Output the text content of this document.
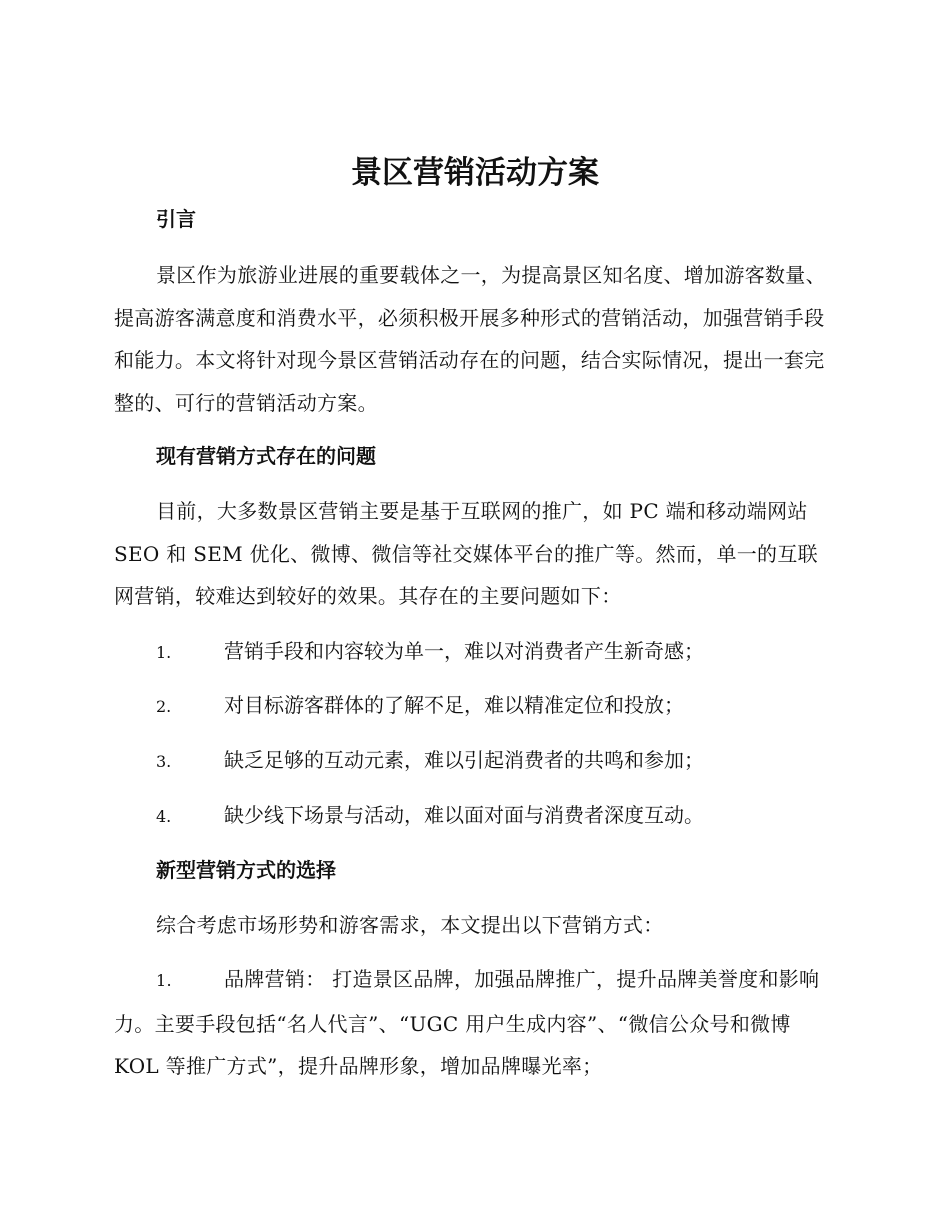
景区营销活动方案
引言

景区作为旅游业进展的重要载体之一，为提高景区知名度、增加游客数量、提高游客满意度和消费水平，必须积极开展多种形式的营销活动，加强营销手段和能力。本文将针对现今景区营销活动存在的问题，结合实际情况，提出一套完整的、可行的营销活动方案。

现有营销方式存在的问题

目前，大多数景区营销主要是基于互联网的推广，如 PC 端和移动端网站 SEO 和 SEM 优化、微博、微信等社交媒体平台的推广等。然而，单一的互联网营销，较难达到较好的效果。其存在的主要问题如下：

1.	营销手段和内容较为单一，难以对消费者产生新奇感；
2.	对目标游客群体的了解不足，难以精准定位和投放；
3.	缺乏足够的互动元素，难以引起消费者的共鸣和参加；
4.	缺少线下场景与活动，难以面对面与消费者深度互动。
新型营销方式的选择

综合考虑市场形势和游客需求，本文提出以下营销方式：

1.	品牌营销： 打造景区品牌，加强品牌推广，提升品牌美誉度和影响力。主要手段包括“名人代言”、“UGC 用户生成内容”、“微信公众号和微博 KOL 等推广方式”，提升品牌形象，增加品牌曝光率；
